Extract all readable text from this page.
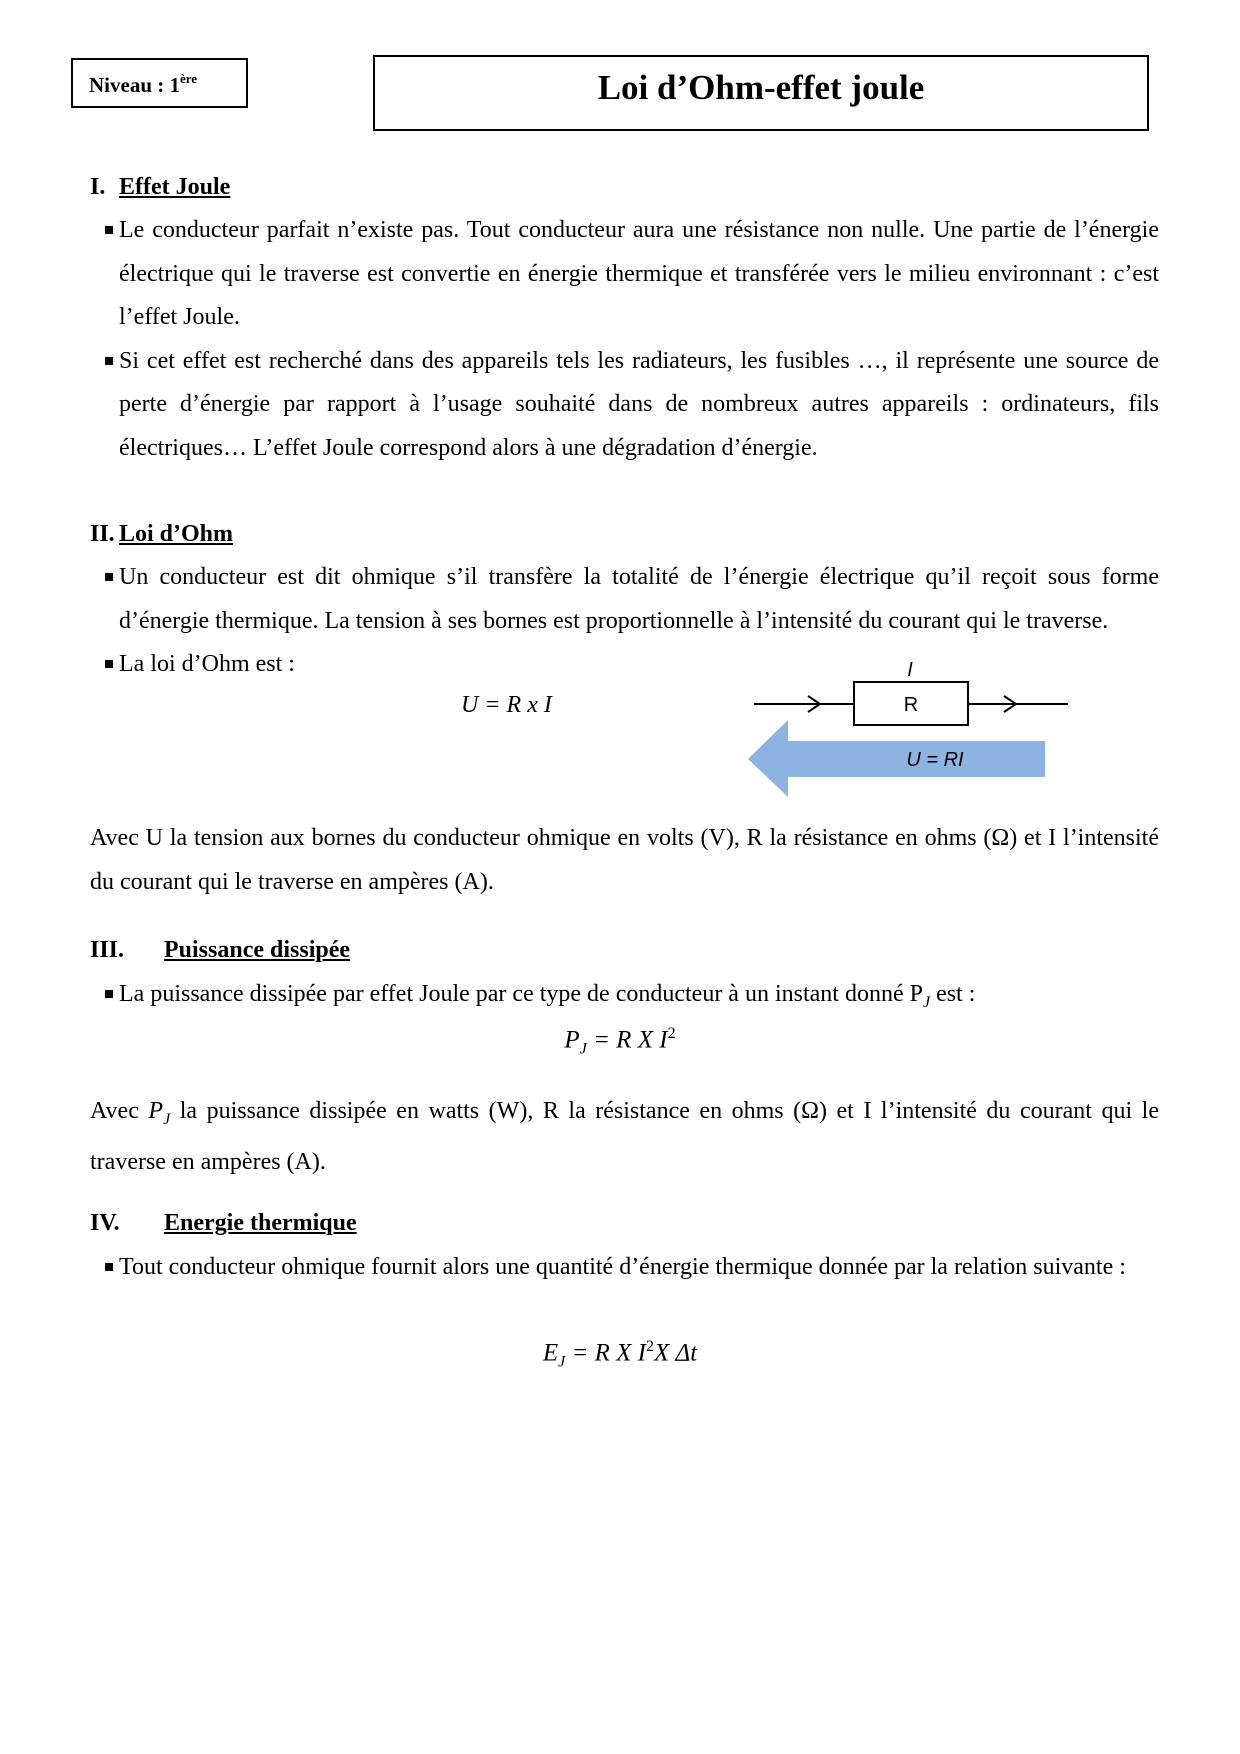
Niveau : 1ère	Loi d’Ohm-effet joule
I. Effet Joule

Le conducteur parfait n’existe pas. Tout conducteur aura une résistance non nulle. Une partie de l’énergie électrique qui le traverse est convertie en énergie thermique et transférée vers le milieu environnant : c’est l’effet Joule.

Si cet effet est recherché dans des appareils tels les radiateurs, les fusibles …, il représente une source de perte d’énergie par rapport à l’usage souhaité dans de nombreux autres appareils : ordinateurs, fils électriques… L’effet Joule correspond alors à une dégradation d’énergie.

II. Loi d’Ohm

Un conducteur est dit ohmique s’il transfère la totalité de l’énergie électrique qu’il reçoit sous forme d’énergie thermique. La tension à ses bornes est proportionnelle à l’intensité du courant qui le traverse.

La loi d’Ohm est :

U = R x I
I
R
U = RI
Avec U la tension aux bornes du conducteur ohmique en volts (V), R la résistance en ohms (Ω) et I l’intensité du courant qui le traverse en ampères (A).
III. Puissance dissipée

La puissance dissipée par effet Joule par ce type de conducteur à un instant donné $P_J$ est :

$P_J = R$ X $I^2$
Avec $P_J$ la puissance dissipée en watts (W), R la résistance en ohms (Ω) et I l’intensité du courant qui le traverse en ampères (A).
IV. Energie thermique

Tout conducteur ohmique fournit alors une quantité d’énergie thermique donnée par la relation suivante :

$E_J = R$ X $I^2X$ Δt
